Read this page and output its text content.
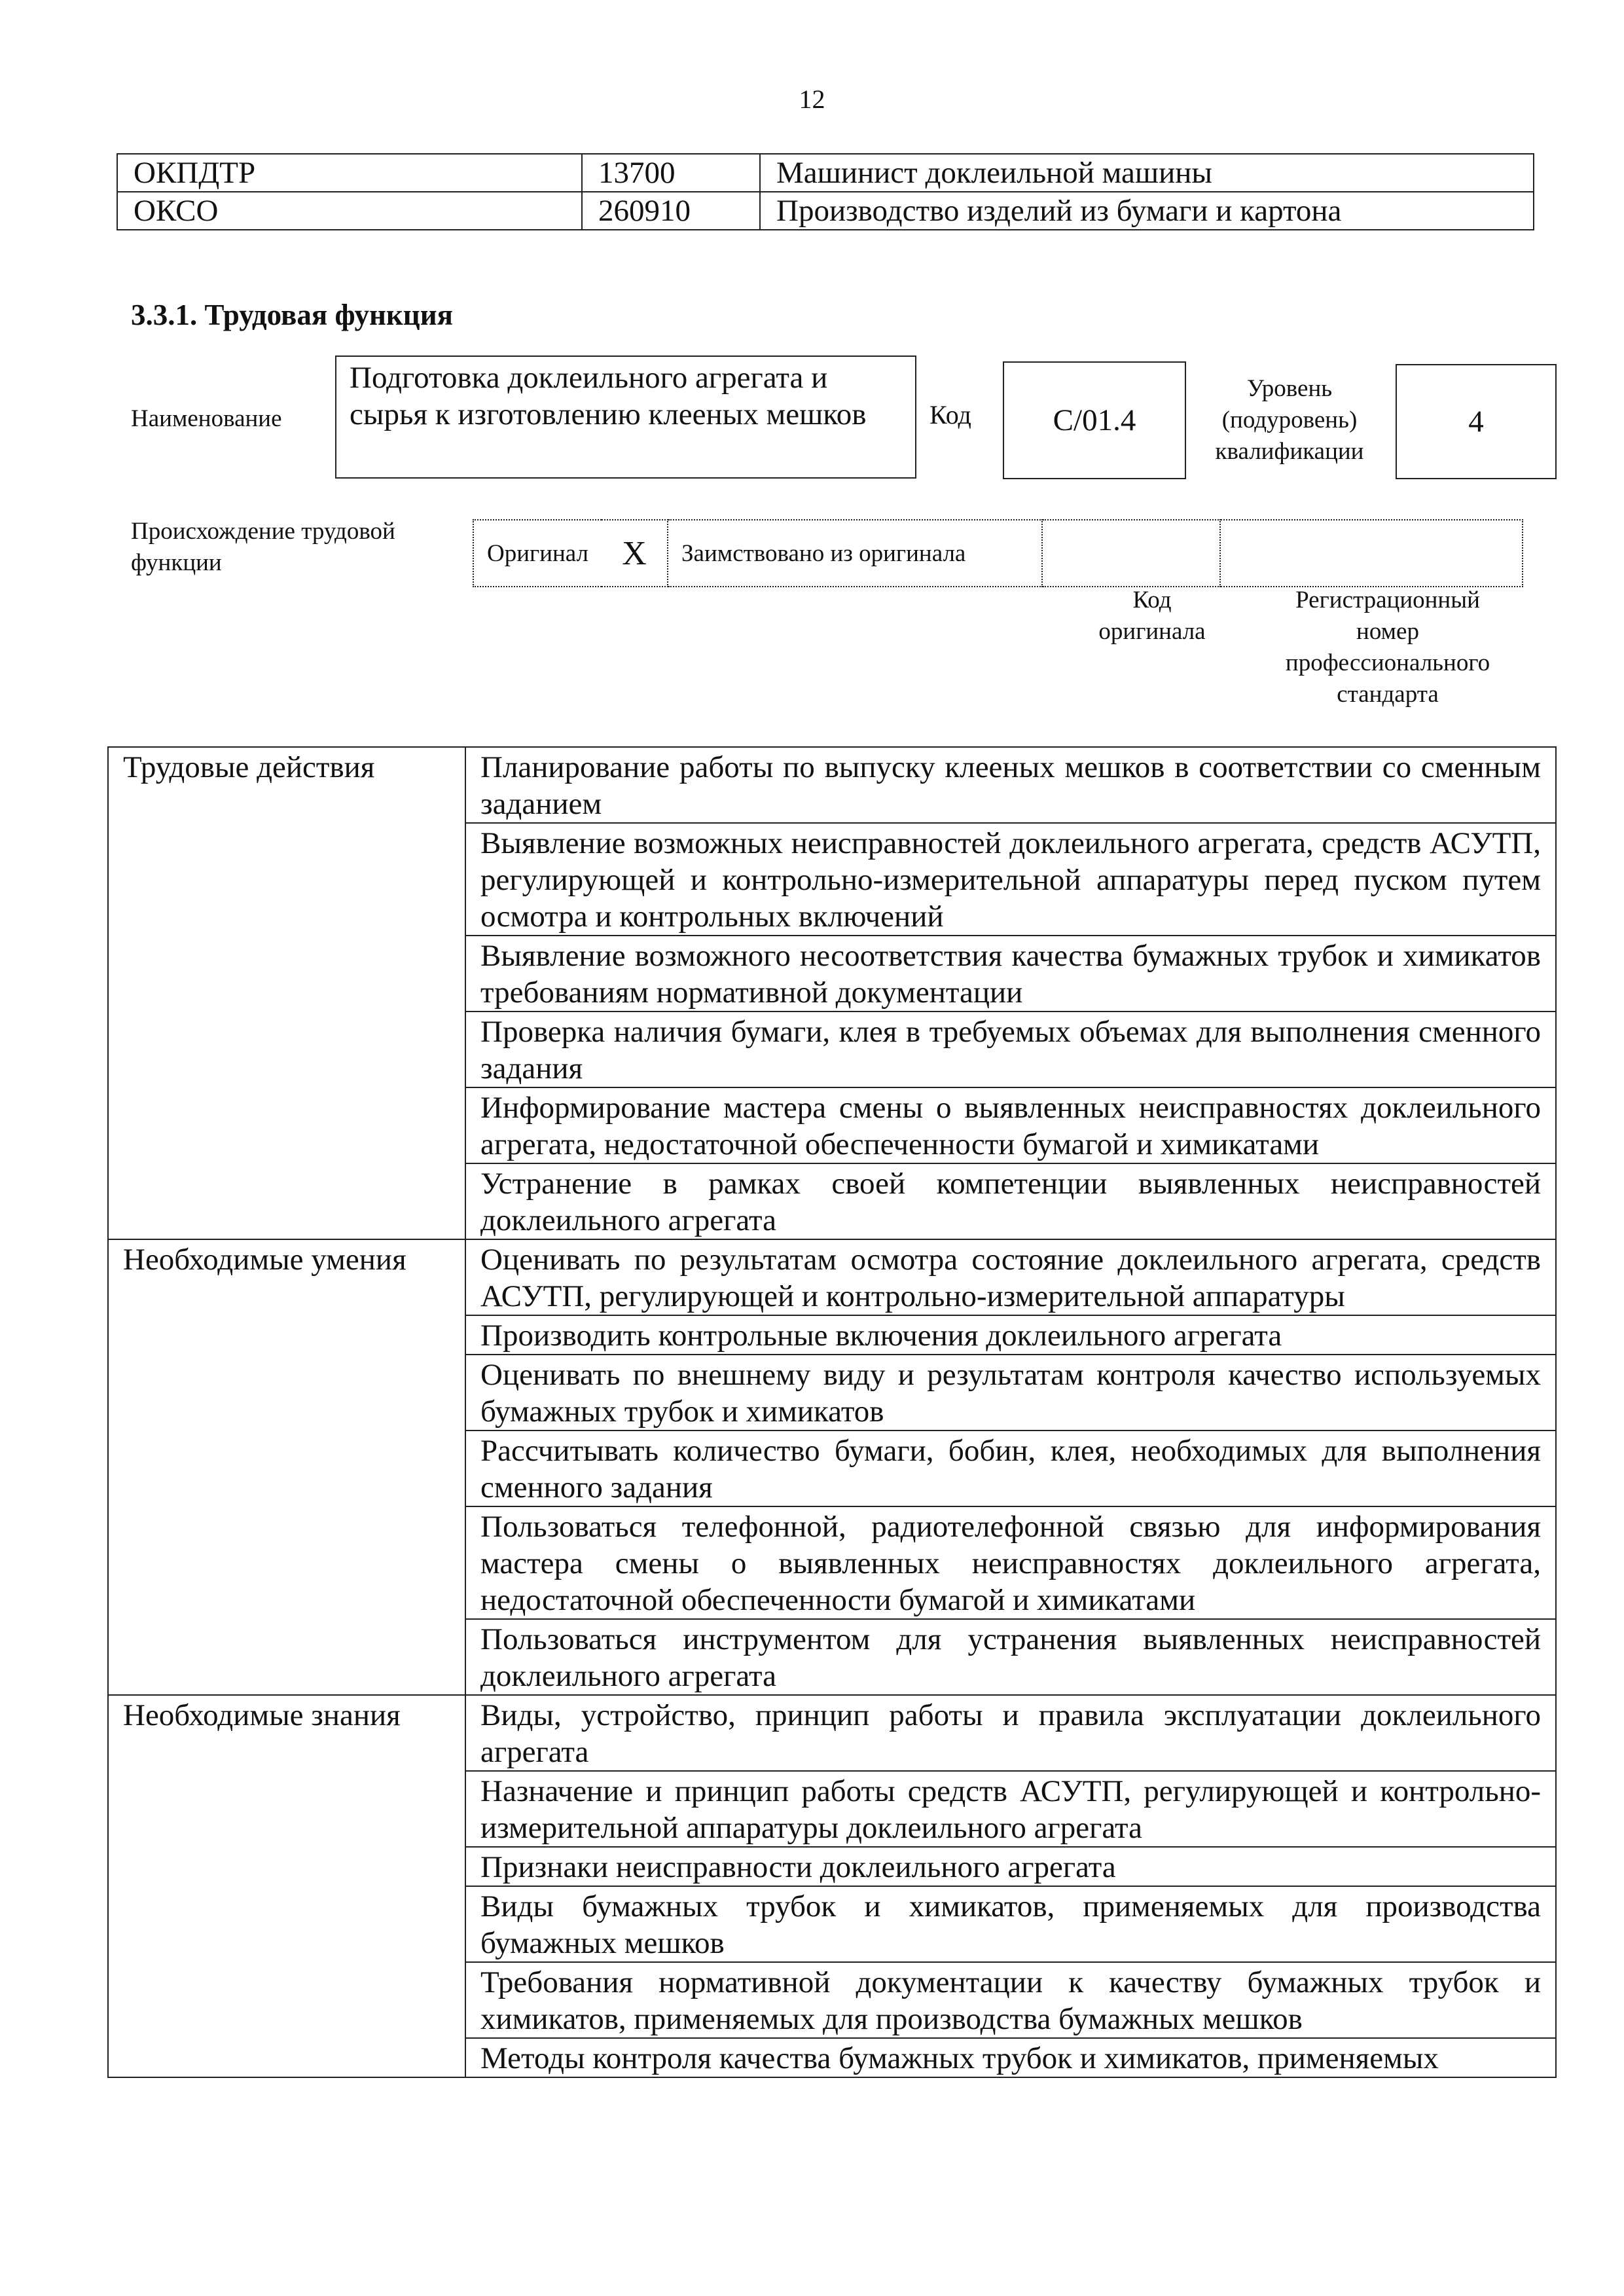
12
ОКПДТР	13700	Машинист доклеильной машины
ОКСО	260910	Производство изделий из бумаги и картона
3.3.1. Трудовая функция
Наименование
Подготовка доклеильного агрегата и сырья к изготовлению клееных мешков	Код	C/01.4
Уровень (подуровень) квалификации
4
Происхождение трудовой функции	Оригинал	X	Заимствовано из оригинала		
Код оригинала
Регистрационный номер профессионального стандарта
Трудовые действия	Планирование работы по выпуску клееных мешков в соответствии со сменным заданием
	Выявление возможных неисправностей доклеильного агрегата, средств АСУТП, регулирующей и контрольно-измерительной аппаратуры перед пуском путем осмотра и контрольных включений
	Выявление возможного несоответствия качества бумажных трубок и химикатов требованиям нормативной документации
	Проверка наличия бумаги, клея в требуемых объемах для выполнения сменного задания
	Информирование мастера смены о выявленных неисправностях доклеильного агрегата, недостаточной обеспеченности бумагой и химикатами
	Устранение в рамках своей компетенции выявленных неисправностей доклеильного агрегата
Необходимые умения	Оценивать по результатам осмотра состояние доклеильного агрегата, средств АСУТП, регулирующей и контрольно-измерительной аппаратуры
	Производить контрольные включения доклеильного агрегата
	Оценивать по внешнему виду и результатам контроля качество используемых бумажных трубок и химикатов
	Рассчитывать количество бумаги, бобин, клея, необходимых для выполнения сменного задания
	Пользоваться телефонной, радиотелефонной связью для информирования мастера смены о выявленных неисправностях доклеильного агрегата, недостаточной обеспеченности бумагой и химикатами
	Пользоваться инструментом для устранения выявленных неисправностей доклеильного агрегата
Необходимые знания	Виды, устройство, принцип работы и правила эксплуатации доклеильного агрегата
	Назначение и принцип работы средств АСУТП, регулирующей и контрольно-измерительной аппаратуры доклеильного агрегата
	Признаки неисправности доклеильного агрегата
	Виды бумажных трубок и химикатов, применяемых для производства бумажных мешков
	Требования нормативной документации к качеству бумажных трубок и химикатов, применяемых для производства бумажных мешков
	Методы контроля качества бумажных трубок и химикатов, применяемых
